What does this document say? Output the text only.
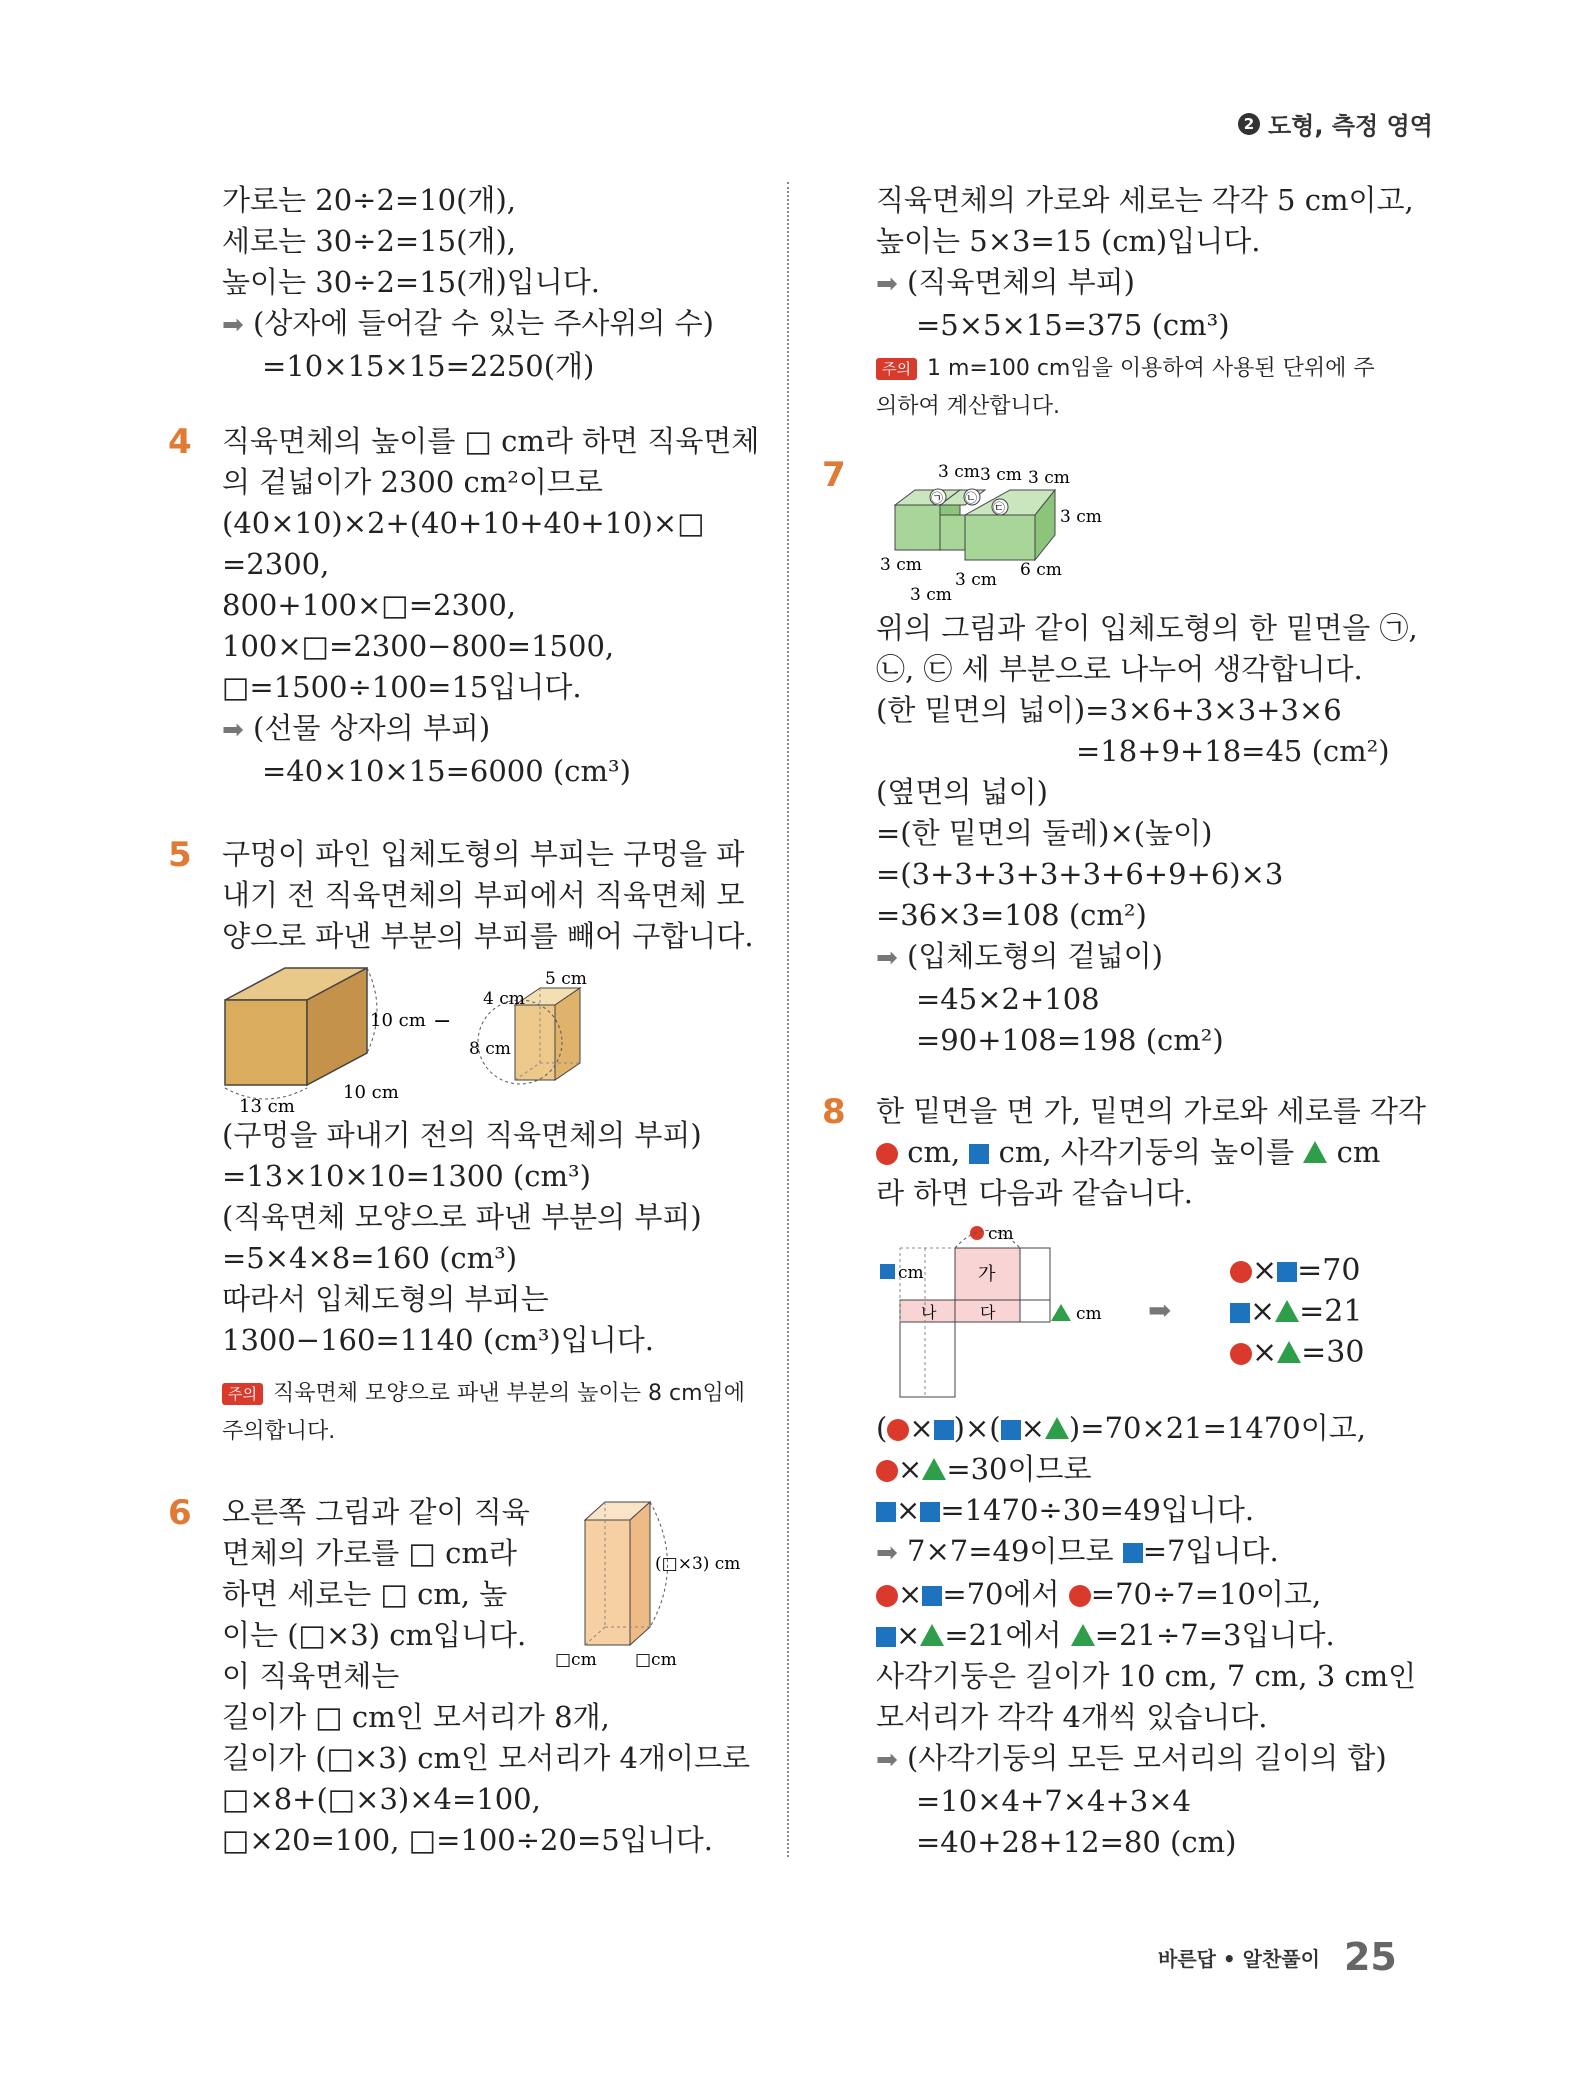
2 도형, 측정 영역

가로는 20÷2=10(개),

세로는 30÷2=15(개),

높이는 30÷2=15(개)입니다.

➡ (상자에 들어갈 수 있는 주사위의 수)

=10×15×15=2250(개)

4 직육면체의 높이를 □ cm라 하면 직육면체

의 겉넓이가 2300 cm²이므로

(40×10)×2+(40+10+40+10)×□

=2300,

800+100×□=2300,

100×□=2300−800=1500,

□=1500÷100=15입니다.

➡ (선물 상자의 부피)

=40×10×15=6000 (cm³)

5 구멍이 파인 입체도형의 부피는 구멍을 파

내기 전 직육면체의 부피에서 직육면체 모

양으로 파낸 부분의 부피를 빼어 구합니다.

10 cm
13 cm
10 cm
−
4 cm
5 cm
8 cm

(구멍을 파내기 전의 직육면체의 부피)

=13×10×10=1300 (cm³)

(직육면체 모양으로 파낸 부분의 부피)

=5×4×8=160 (cm³)

따라서 입체도형의 부피는

1300−160=1140 (cm³)입니다.

주의 직육면체 모양으로 파낸 부분의 높이는 8 cm임에
주의합니다.
6 오른쪽 그림과 같이 직육

면체의 가로를 □ cm라

하면 세로는 □ cm, 높

이는 (□×3) cm입니다.

(□×3) cm
□cm □cm

이 직육면체는

길이가 □ cm인 모서리가 8개,

길이가 (□×3) cm인 모서리가 4개이므로

□×8+(□×3)×4=100,

□×20=100, □=100÷20=5입니다.

직육면체의 가로와 세로는 각각 5 cm이고,

높이는 5×3=15 (cm)입니다.

➡ (직육면체의 부피)

=5×5×15=375 (cm³)

주의 1 m=100 cm임을 이용하여 사용된 단위에 주
의하여 계산합니다.
7
㉠ ㉡
㉢
3 cm 3 cm 3 cm
3 cm
3 cm
3 cm 6 cm
3 cm

위의 그림과 같이 입체도형의 한 밑면을 ㉠,

㉡, ㉢ 세 부분으로 나누어 생각합니다.

(한 밑면의 넓이)=3×6+3×3+3×6

=18+9+18=45 (cm²)

(옆면의 넓이)

=(한 밑면의 둘레)×(높이)

=(3+3+3+3+3+6+9+6)×3

=36×3=108 (cm²)

➡ (입체도형의 겉넓이)

=45×2+108

=90+108=198 (cm²)

8 한 밑면을 면 가, 밑면의 가로와 세로를 각각

cm, cm, 사각기둥의 높이를 cm

라 하면 다음과 같습니다.

cm
가
나	다
cm
cm ➡

× =70

× =21

× =30

( × )×( × )=70×21=1470이고,

× =30이므로

× =1470÷30=49입니다.

➡ 7×7=49이므로 =7입니다.

× =70에서 =70÷7=10이고,

× =21에서 =21÷7=3입니다.

사각기둥은 길이가 10 cm, 7 cm, 3 cm인

모서리가 각각 4개씩 있습니다.

➡ (사각기둥의 모든 모서리의 길이의 합)

=10×4+7×4+3×4

=40+28+12=80 (cm)

바른답 • 알찬풀이 25
